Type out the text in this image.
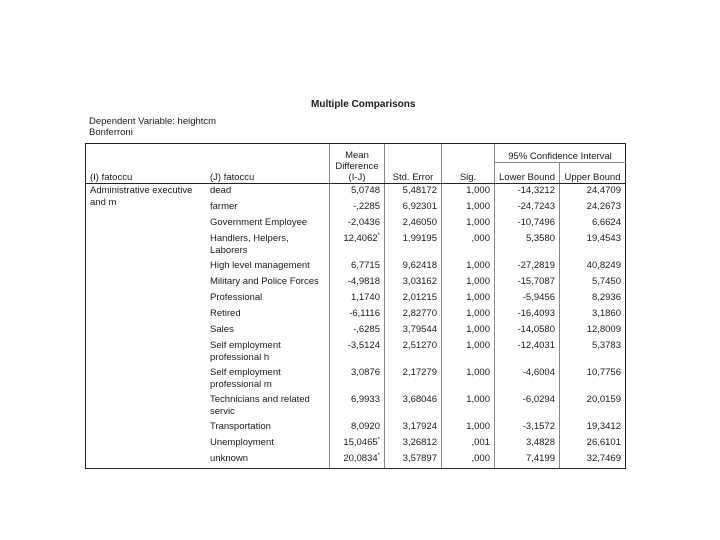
Multiple Comparisons
Dependent Variable: heightcm
Bonferroni
(I) fatoccu	(J) fatoccu	Mean Difference (I-J)	Std. Error	Sig.	95% Confidence Interval	
					Lower Bound	Upper Bound

Administrative executive and m	dead	5,0748	5,48172	1,000	-14,3212	24,4709
	farmer	-,2285	6,92301	1,000	-24,7243	24,2673
	Government Employee	-2,0436	2,46050	1,000	-10,7496	6,6624

	Handlers, Helpers, Laborers	12,4062*	1,99195	,000	5,3580	19,4543
	High level management	6,7715	9,62418	1,000	-27,2819	40,8249
	Military and Police Forces	-4,9818	3,03162	1,000	-15,7087	5,7450
	Professional	1,1740	2,01215	1,000	-5,9456	8,2936
	Retired	-6,1116	2,82770	1,000	-16,4093	3,1860
	Sales	-,6285	3,79544	1,000	-14,0580	12,8009

	Self employment professional h	-3,5124	2,51270	1,000	-12,4031	5,3783

	Self employment professional m	3,0876	2,17279	1,000	-4,6004	10,7756

	Technicians and related servic	6,9933	3,68046	1,000	-6,0294	20,0159
	Transportation	8,0920	3,17924	1,000	-3,1572	19,3412
	Unemployment	15,0465*	3,26812	,001	3,4828	26,6101
	unknown	20,0834*	3,57897	,000	7,4199	32,7469
